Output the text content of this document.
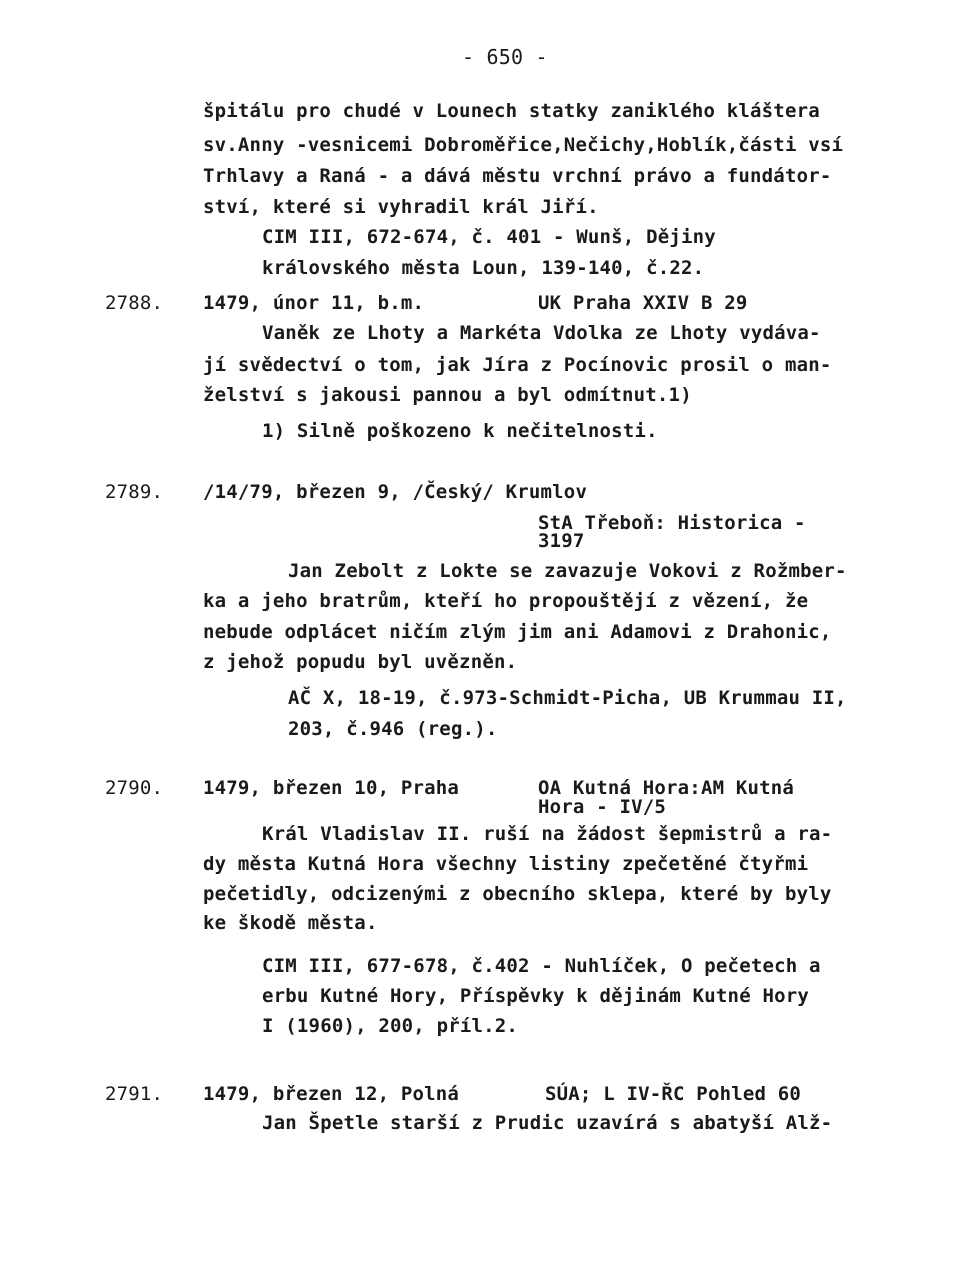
- 650 -
špitálu pro chudé v Lounech statky zaniklého kláštera
sv.Anny -vesnicemi Dobroměřice,Nečichy,Hoblík,části vsí
Trhlavy a Raná - a dává městu vrchní právo a fundátor-
ství, které si vyhradil král Jiří.
CIM III, 672-674, č. 401 - Wunš, Dějiny
královského města Loun, 139-140, č.22.
2788. 1479, únor 11, b.m.	UK Praha XXIV B 29
Vaněk ze Lhoty a Markéta Vdolka ze Lhoty vydáva-
jí svědectví o tom, jak Jíra z Pocínovic prosil o man-
želství s jakousi pannou a byl odmítnut.1)
1) Silně poškozeno k nečitelnosti.
2789. /14/79, březen 9, /Český/ Krumlov
StA Třeboň: Historica -
3197
Jan Zebolt z Lokte se zavazuje Vokovi z Rožmber-
ka a jeho bratrům, kteří ho propouštějí z vězení, že
nebude odplácet ničím zlým jim ani Adamovi z Drahonic,
z jehož popudu byl uvězněn.
AČ X, 18-19, č.973-Schmidt-Picha, UB Krummau II,
203, č.946 (reg.).
2790. 1479, březen 10, Praha	OA Kutná Hora:AM Kutná
Hora - IV/5
Král Vladislav II. ruší na žádost šepmistrů a ra-
dy města Kutná Hora všechny listiny zpečetěné čtyřmi
pečetidly, odcizenými z obecního sklepa, které by byly
ke škodě města.
CIM III, 677-678, č.402 - Nuhlíček, O pečetech a
erbu Kutné Hory, Příspěvky k dějinám Kutné Hory
I (1960), 200, příl.2.
2791. 1479, březen 12, Polná	SÚA; L IV-ŘC Pohled 60
Jan Špetle starší z Prudic uzavírá s abatyší Alž-
